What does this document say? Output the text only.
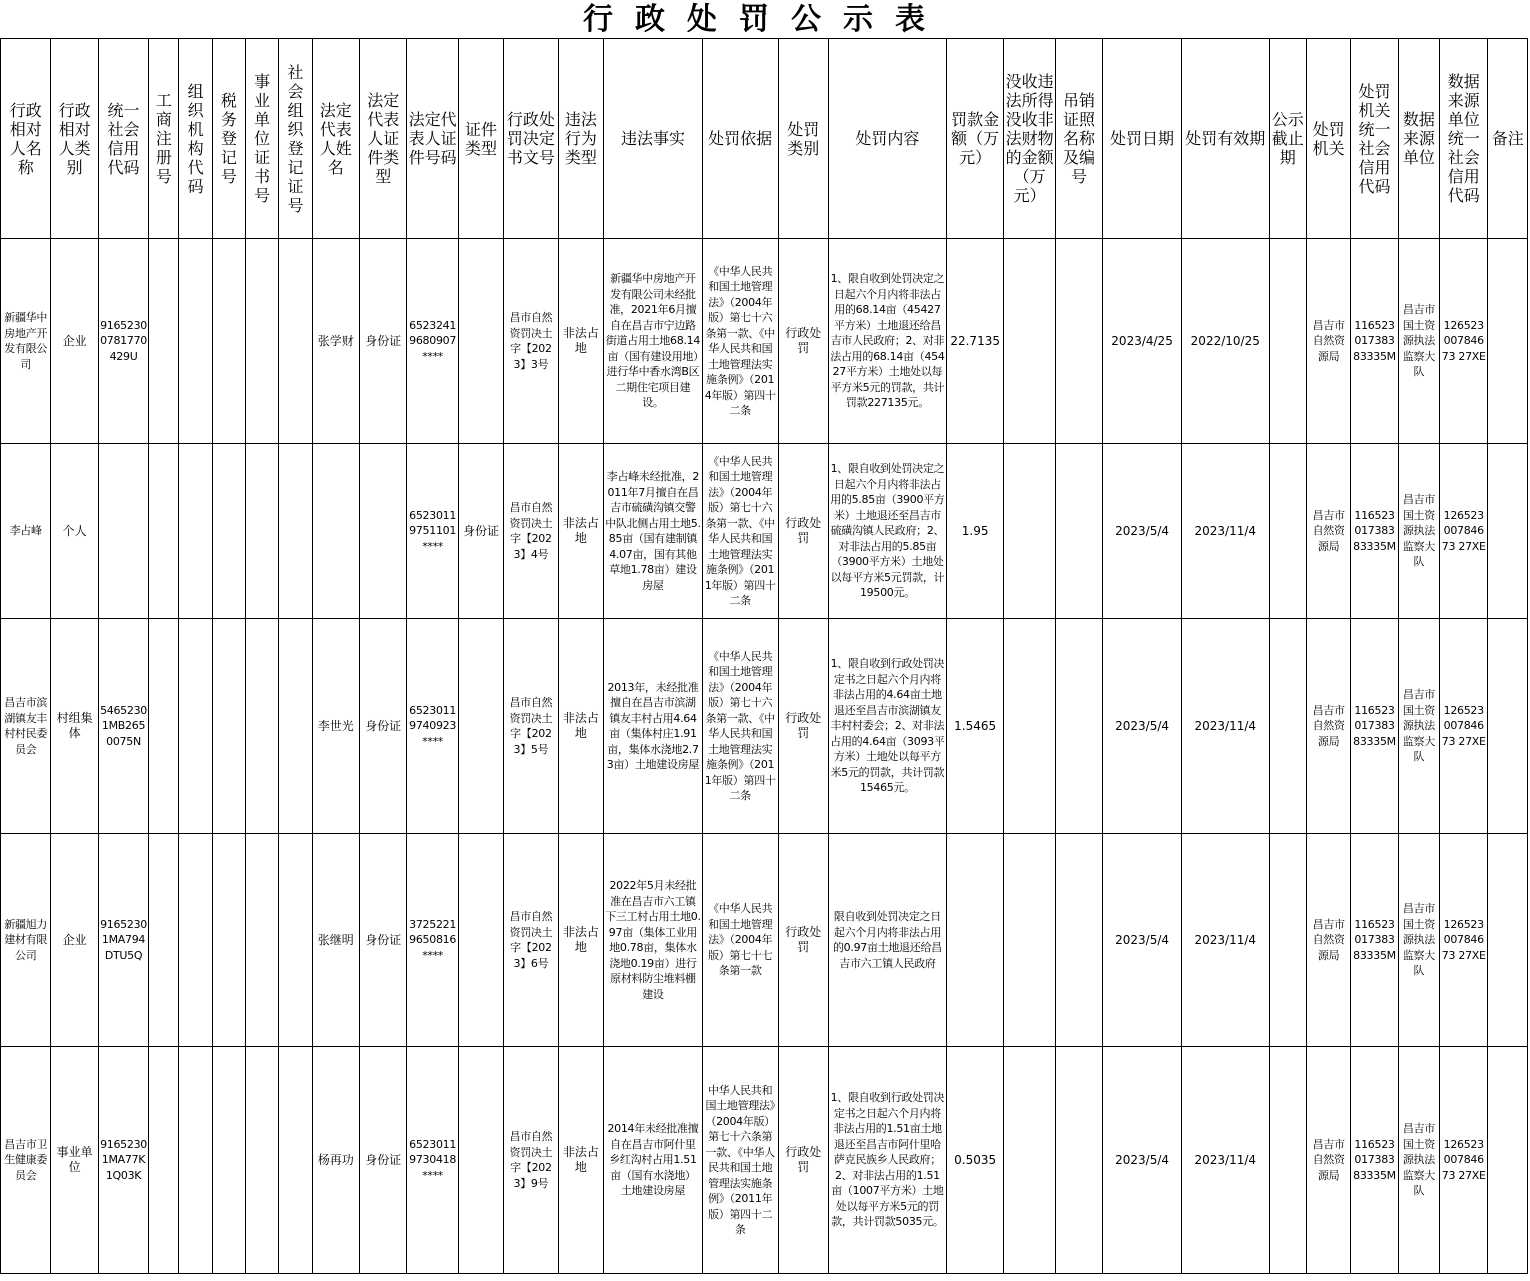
行政处罚公示表
行政相对人名称	行政相对人类别	统一社会信用代码	工商注册号	组织机构代码	税务登记号	事业单位证书号	社会组织登记证号	法定代表人姓名	法定代表人证件类型	法定代表人证件号码	证件类型	行政处罚决定书文号	违法行为类型	违法事实	处罚依据	处罚类别	处罚内容	罚款金额（万元）	没收违法所得没收非法财物的金额（万元）	吊销证照名称及编号	处罚日期	处罚有效期	公示截止期	处罚机关	处罚机关统一社会信用代码	数据来源单位	数据来源单位统一社会信用代码	备注

新疆华中房地产开发有限公司	企业	91652300781770429U						张学财	身份证	65232419680907****		昌市自然资罚决土字【2023】3号	非法占地	新疆华中房地产开发有限公司未经批准，2021年6月擅自在昌吉市宁边路街道占用土地68.14亩（国有建设用地）进行华中香水湾B区二期住宅项目建设。	《中华人民共和国土地管理法》（2004年版）第七十六条第一款、《中华人民共和国土地管理法实施条例》（2014年版）第四十二条	行政处罚	1、限自收到处罚决定之日起六个月内将非法占用的68.14亩（45427平方米）土地退还给昌吉市人民政府；2、对非法占用的68.14亩（45427平方米）土地处以每平方米5元的罚款，共计罚款227135元。	22.7135			2023/4/25	2022/10/25		昌吉市自然资源局	11652301738383335M	昌吉市国土资源执法监察大队	12652300784673 27XE	

李占峰	个人									65230119751101****	身份证	昌市自然资罚决土字【2023】4号	非法占地	李占峰未经批准，2011年7月擅自在昌吉市硫磺沟镇交警中队北侧占用土地5.85亩（国有建制镇4.07亩，国有其他草地1.78亩）建设房屋	《中华人民共和国土地管理法》（2004年版）第七十六条第一款、《中华人民共和国土地管理法实施条例》（2011年版）第四十二条	行政处罚	1、限自收到处罚决定之日起六个月内将非法占用的5.85亩（3900平方米）土地退还至昌吉市硫磺沟镇人民政府；2、对非法占用的5.85亩（3900平方米）土地处以每平方米5元罚款，计19500元。	1.95			2023/5/4	2023/11/4		昌吉市自然资源局	11652301738383335M	昌吉市国土资源执法监察大队	12652300784673 27XE	

昌吉市滨湖镇友丰村村民委员会	村组集体	54652301MB2650075N						李世光	身份证	65230119740923****		昌市自然资罚决土字【2023】5号	非法占地	2013年，未经批准擅自在昌吉市滨湖镇友丰村占用4.64亩（集体村庄1.91亩，集体水浇地2.73亩）土地建设房屋	《中华人民共和国土地管理法》（2004年版）第七十六条第一款、《中华人民共和国土地管理法实施条例》（2011年版）第四十二条	行政处罚	1、限自收到行政处罚决定书之日起六个月内将非法占用的4.64亩土地退还至昌吉市滨湖镇友丰村村委会；2、对非法占用的4.64亩（3093平方米）土地处以每平方米5元的罚款，共计罚款15465元。	1.5465			2023/5/4	2023/11/4		昌吉市自然资源局	11652301738383335M	昌吉市国土资源执法监察大队	12652300784673 27XE	

新疆旭力建材有限公司	企业	91652301MA794DTU5Q						张继明	身份证	37252219650816****		昌市自然资罚决土字【2023】6号	非法占地	2022年5月未经批准在昌吉市六工镇下三工村占用土地0.97亩（集体工业用地0.78亩，集体水浇地0.19亩）进行原材料防尘堆料棚建设	《中华人民共和国土地管理法》（2004年版）第七十七条第一款	行政处罚	限自收到处罚决定之日起六个月内将非法占用的0.97亩土地退还给昌吉市六工镇人民政府				2023/5/4	2023/11/4		昌吉市自然资源局	11652301738383335M	昌吉市国土资源执法监察大队	12652300784673 27XE	

昌吉市卫生健康委员会	事业单位	91652301MA77K1Q03K						杨再功	身份证	65230119730418****		昌市自然资罚决土字【2023】9号	非法占地	2014年未经批准擅自在昌吉市阿什里乡红沟村占用1.51亩（国有水浇地）土地建设房屋	中华人民共和国土地管理法》（2004年版）第七十六条第一款、《中华人民共和国土地管理法实施条例》（2011年版）第四十二条	行政处罚	1、限自收到行政处罚决定书之日起六个月内将非法占用的1.51亩土地退还至昌吉市阿什里哈萨克民族乡人民政府；2、对非法占用的1.51亩（1007平方米）土地处以每平方米5元的罚款，共计罚款5035元。	0.5035			2023/5/4	2023/11/4		昌吉市自然资源局	11652301738383335M	昌吉市国土资源执法监察大队	12652300784673 27XE	
